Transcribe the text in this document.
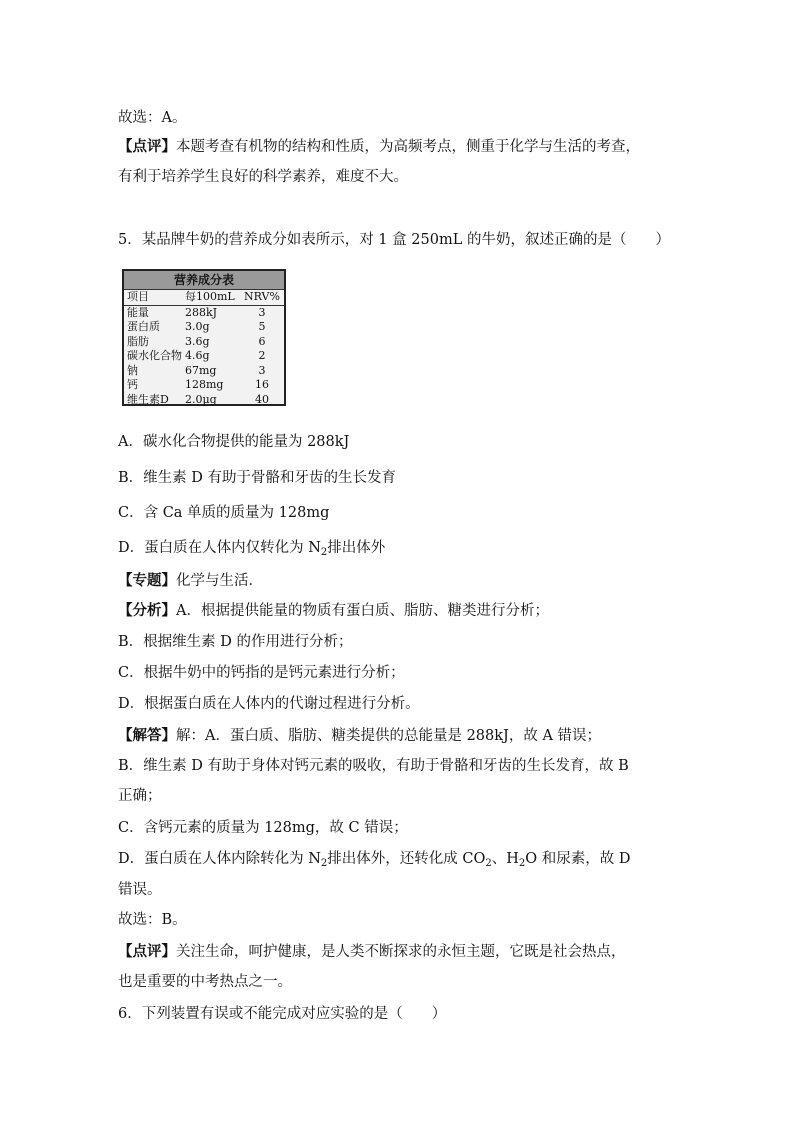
故选：A。
【点评】本题考查有机物的结构和性质，为高频考点，侧重于化学与生活的考查，
有利于培养学生良好的科学素养，难度不大。
5．某品牌牛奶的营养成分如表所示，对 1 盒 250mL 的牛奶，叙述正确的是（　　）
营养成分表
项目	每100mL NRV%
能量	288kJ	3
蛋白质	3.0g	5
脂肪	3.6g	6
碳水化合物 4.6g	2
钠	67mg	3
钙	128mg	16
维生素D	2.0μg	40
A．碳水化合物提供的能量为 288kJ
B．维生素 D 有助于骨骼和牙齿的生长发育
C．含 Ca 单质的质量为 128mg
D．蛋白质在人体内仅转化为 $N_2$排出体外
【专题】化学与生活．
【分析】A．根据提供能量的物质有蛋白质、脂肪、糖类进行分析；
B．根据维生素 D 的作用进行分析；
C．根据牛奶中的钙指的是钙元素进行分析；
D．根据蛋白质在人体内的代谢过程进行分析。
【解答】解：A．蛋白质、脂肪、糖类提供的总能量是 288kJ，故 A 错误；
B．维生素 D 有助于身体对钙元素的吸收，有助于骨骼和牙齿的生长发育，故 B
正确；
C．含钙元素的质量为 128mg，故 C 错误；
D．蛋白质在人体内除转化为 $N_2$排出体外，还转化成 $CO_2$、$H_2O$ 和尿素，故 D
错误。
故选：B。
【点评】关注生命，呵护健康，是人类不断探求的永恒主题，它既是社会热点，
也是重要的中考热点之一。
6．下列装置有误或不能完成对应实验的是（　　）
